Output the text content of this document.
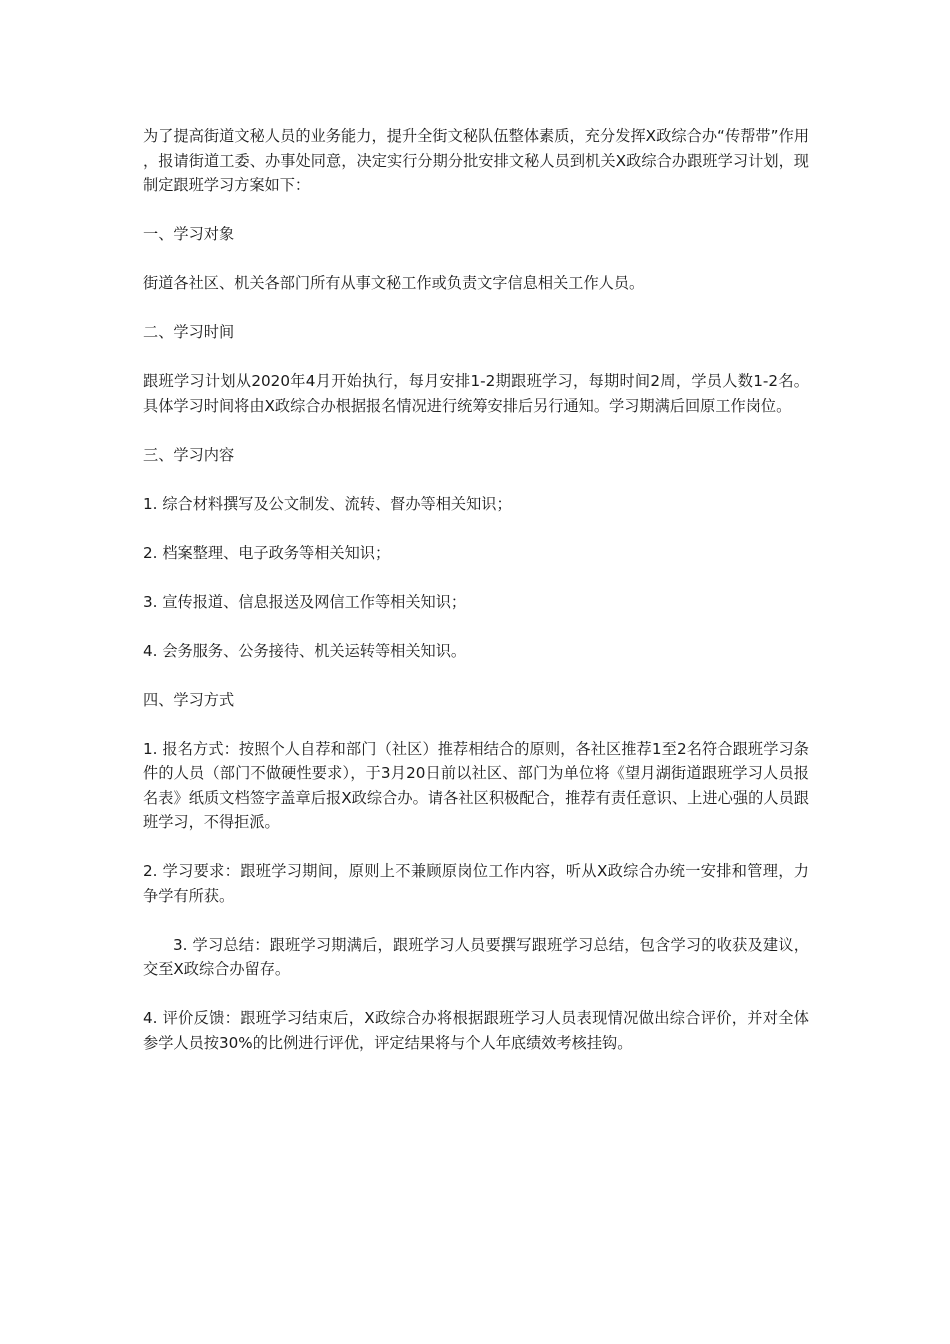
为了提高街道文秘人员的业务能力，提升全街文秘队伍整体素质，充分发挥X政综合办“传帮带”作用，报请街道工委、办事处同意，决定实行分期分批安排文秘人员到机关X政综合办跟班学习计划，现制定跟班学习方案如下：

一、学习对象

街道各社区、机关各部门所有从事文秘工作或负责文字信息相关工作人员。

二、学习时间

跟班学习计划从2020年4月开始执行，每月安排1-2期跟班学习，每期时间2周，学员人数1-2名。具体学习时间将由X政综合办根据报名情况进行统筹安排后另行通知。学习期满后回原工作岗位。

三、学习内容

1. 综合材料撰写及公文制发、流转、督办等相关知识；

2. 档案整理、电子政务等相关知识；

3. 宣传报道、信息报送及网信工作等相关知识；

4. 会务服务、公务接待、机关运转等相关知识。

四、学习方式

1. 报名方式：按照个人自荐和部门（社区）推荐相结合的原则，各社区推荐1至2名符合跟班学习条件的人员（部门不做硬性要求），于3月20日前以社区、部门为单位将《望月湖街道跟班学习人员报名表》纸质文档签字盖章后报X政综合办。请各社区积极配合，推荐有责任意识、上进心强的人员跟班学习，不得拒派。

2. 学习要求：跟班学习期间，原则上不兼顾原岗位工作内容，听从X政综合办统一安排和管理，力争学有所获。

3. 学习总结：跟班学习期满后，跟班学习人员要撰写跟班学习总结，包含学习的收获及建议，交至X政综合办留存。

4. 评价反馈：跟班学习结束后，X政综合办将根据跟班学习人员表现情况做出综合评价，并对全体参学人员按30%的比例进行评优，评定结果将与个人年底绩效考核挂钩。
